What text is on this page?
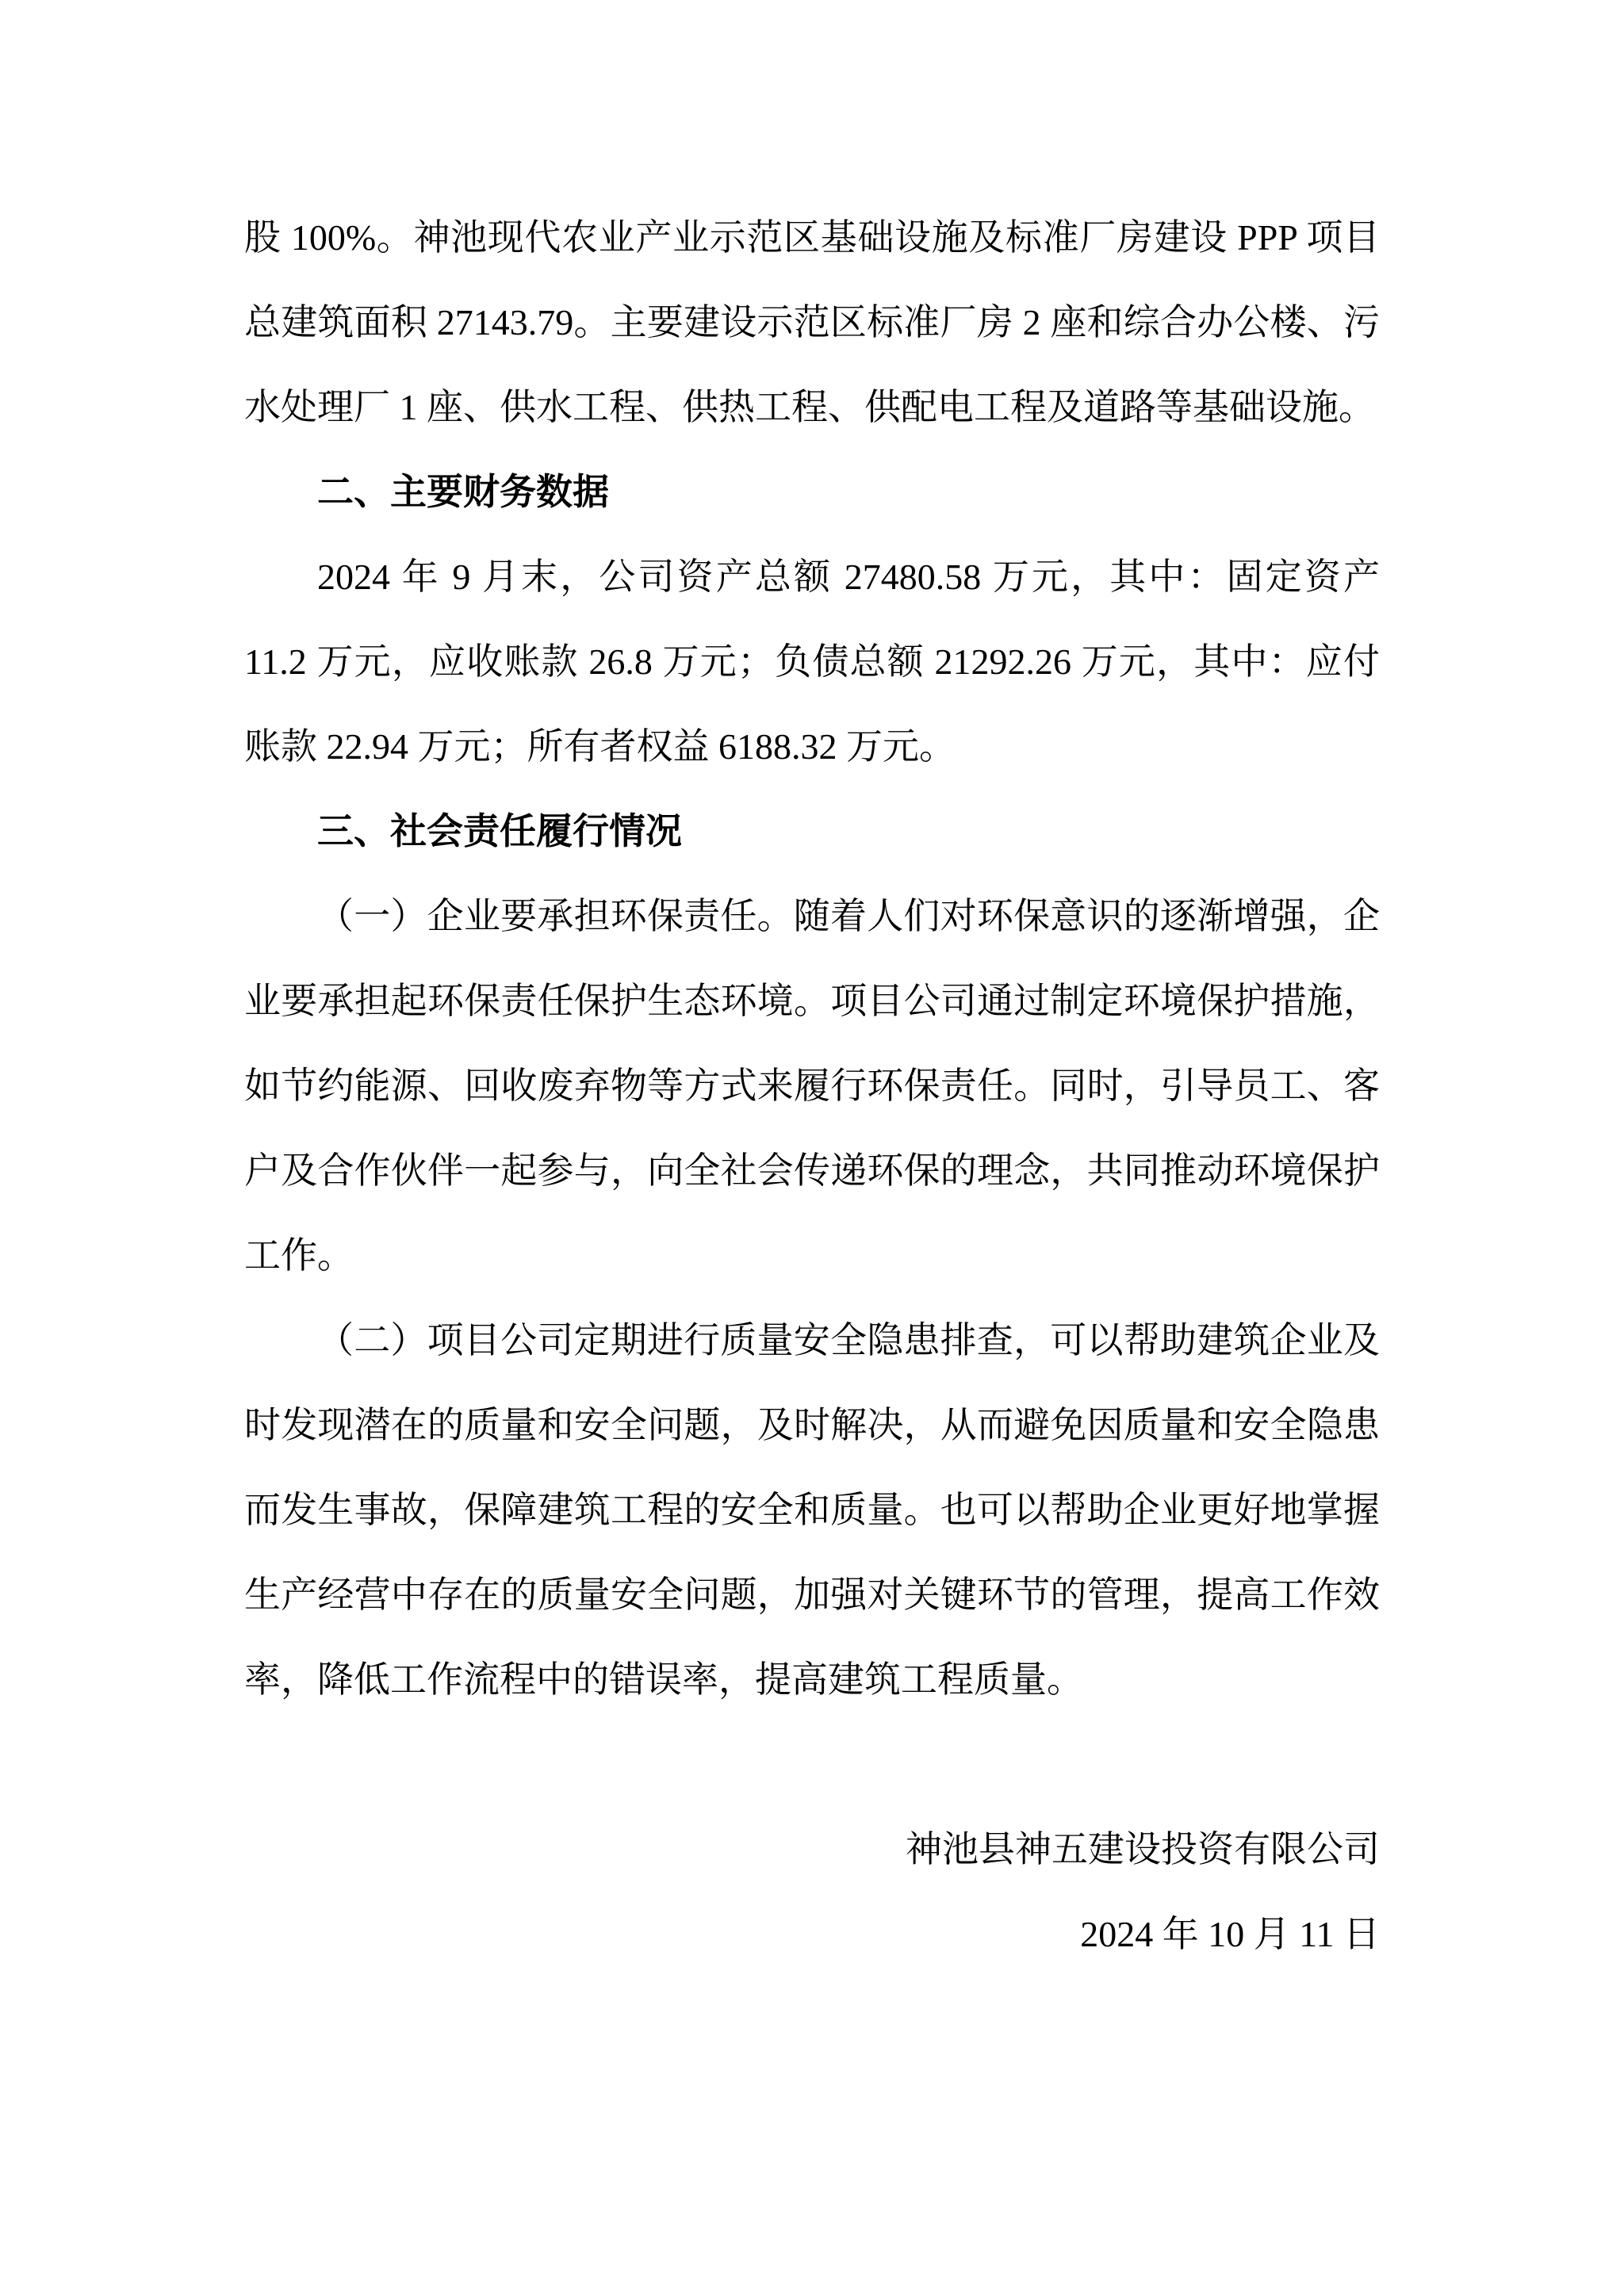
股 100%。神池现代农业产业示范区基础设施及标准厂房建设 PPP 项目总建筑面积 27143.79。主要建设示范区标准厂房 2 座和综合办公楼、污水处理厂 1 座、供水工程、供热工程、供配电工程及道路等基础设施。

二、主要财务数据

2024 年 9 月末，公司资产总额 27480.58 万元，其中：固定资产 11.2 万元，应收账款 26.8 万元；负债总额 21292.26 万元，其中：应付账款 22.94 万元；所有者权益 6188.32 万元。

三、社会责任履行情况

（一）企业要承担环保责任。随着人们对环保意识的逐渐增强，企业要承担起环保责任保护生态环境。项目公司通过制定环境保护措施，如节约能源、回收废弃物等方式来履行环保责任。同时，引导员工、客户及合作伙伴一起参与，向全社会传递环保的理念，共同推动环境保护工作。

（二）项目公司定期进行质量安全隐患排查，可以帮助建筑企业及时发现潜在的质量和安全问题，及时解决，从而避免因质量和安全隐患而发生事故，保障建筑工程的安全和质量。也可以帮助企业更好地掌握生产经营中存在的质量安全问题，加强对关键环节的管理，提高工作效率，降低工作流程中的错误率，提高建筑工程质量。

神池县神五建设投资有限公司

2024 年 10 月 11 日
